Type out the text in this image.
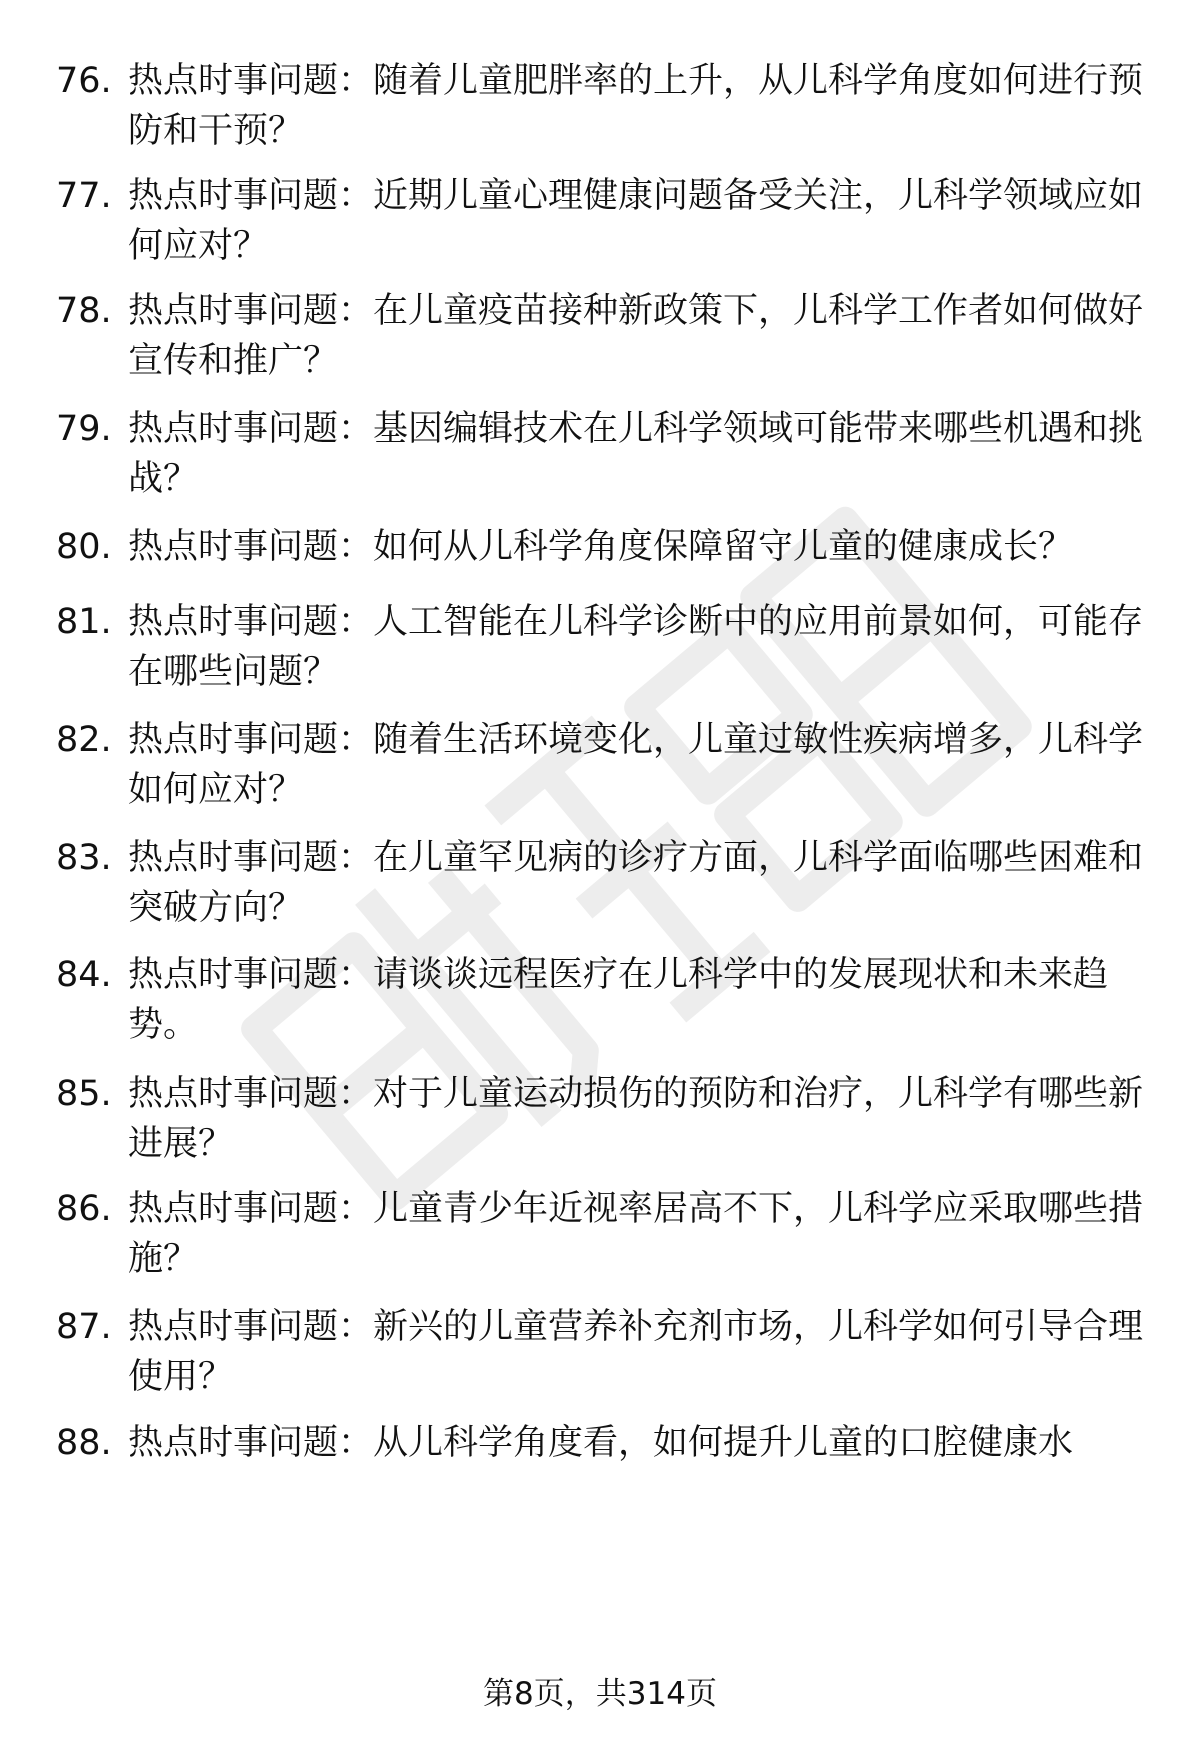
76. 热点时事问题：随着儿童肥胖率的上升，从儿科学角度如何进行预防和干预？
77. 热点时事问题：近期儿童心理健康问题备受关注，儿科学领域应如何应对？
78. 热点时事问题：在儿童疫苗接种新政策下，儿科学工作者如何做好宣传和推广？
79. 热点时事问题：基因编辑技术在儿科学领域可能带来哪些机遇和挑战？
80. 热点时事问题：如何从儿科学角度保障留守儿童的健康成长？
81. 热点时事问题：人工智能在儿科学诊断中的应用前景如何，可能存在哪些问题？
82. 热点时事问题：随着生活环境变化，儿童过敏性疾病增多，儿科学如何应对？
83. 热点时事问题：在儿童罕见病的诊疗方面，儿科学面临哪些困难和突破方向？
84. 热点时事问题：请谈谈远程医疗在儿科学中的发展现状和未来趋势。
85. 热点时事问题：对于儿童运动损伤的预防和治疗，儿科学有哪些新进展？
86. 热点时事问题：儿童青少年近视率居高不下，儿科学应采取哪些措施？
87. 热点时事问题：新兴的儿童营养补充剂市场，儿科学如何引导合理使用？
88. 热点时事问题：从儿科学角度看，如何提升儿童的口腔健康水
第8页，共314页
